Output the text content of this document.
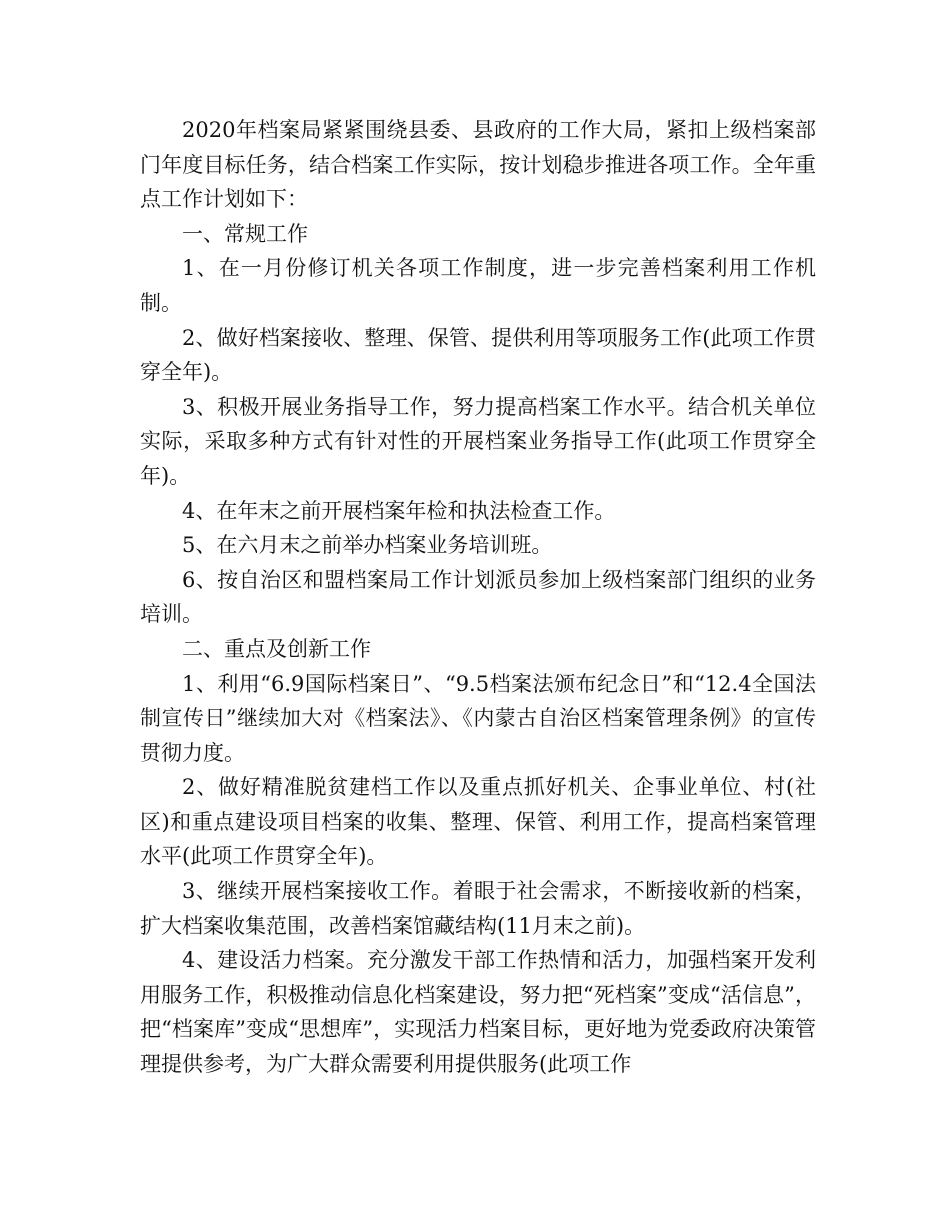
2020年档案局紧紧围绕县委、县政府的工作大局，紧扣上级档案部门年度目标任务，结合档案工作实际，按计划稳步推进各项工作。全年重点工作计划如下：

一、常规工作

1、在一月份修订机关各项工作制度，进一步完善档案利用工作机制。

2、做好档案接收、整理、保管、提供利用等项服务工作(此项工作贯穿全年)。

3、积极开展业务指导工作，努力提高档案工作水平。结合机关单位实际，采取多种方式有针对性的开展档案业务指导工作(此项工作贯穿全年)。

4、在年末之前开展档案年检和执法检查工作。

5、在六月末之前举办档案业务培训班。

6、按自治区和盟档案局工作计划派员参加上级档案部门组织的业务培训。

二、重点及创新工作

1、利用“6.9国际档案日”、“9.5档案法颁布纪念日”和“12.4全国法制宣传日”继续加大对《档案法》、《内蒙古自治区档案管理条例》的宣传贯彻力度。

2、做好精准脱贫建档工作以及重点抓好机关、企事业单位、村(社区)和重点建设项目档案的收集、整理、保管、利用工作，提高档案管理水平(此项工作贯穿全年)。

3、继续开展档案接收工作。着眼于社会需求，不断接收新的档案，扩大档案收集范围，改善档案馆藏结构(11月末之前)。

4、建设活力档案。充分激发干部工作热情和活力，加强档案开发利用服务工作，积极推动信息化档案建设，努力把“死档案”变成“活信息”，把“档案库”变成“思想库”，实现活力档案目标，更好地为党委政府决策管理提供参考，为广大群众需要利用提供服务(此项工作
